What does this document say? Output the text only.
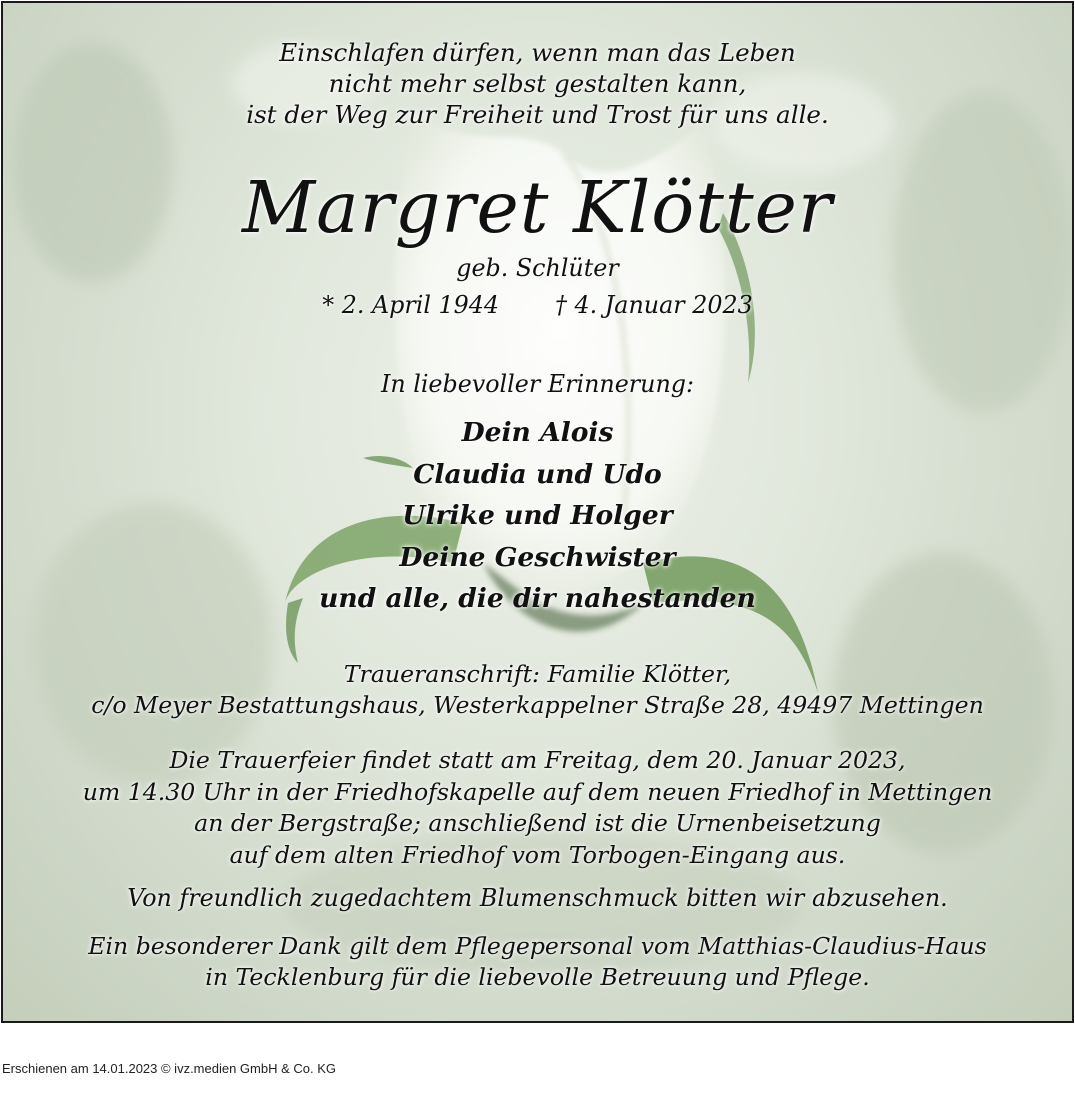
Einschlafen dürfen, wenn man das Leben
nicht mehr selbst gestalten kann,
ist der Weg zur Freiheit und Trost für uns alle.
Margret Klötter
geb. Schlüter
* 2. April 1944 † 4. Januar 2023
In liebevoller Erinnerung:
Dein Alois
Claudia und Udo
Ulrike und Holger
Deine Geschwister
und alle, die dir nahestanden
Traueranschrift: Familie Klötter,
c/o Meyer Bestattungshaus, Westerkappelner Straße 28, 49497 Mettingen
Die Trauerfeier findet statt am Freitag, dem 20. Januar 2023,
um 14.30 Uhr in der Friedhofskapelle auf dem neuen Friedhof in Mettingen
an der Bergstraße; anschließend ist die Urnenbeisetzung
auf dem alten Friedhof vom Torbogen-Eingang aus.
Von freundlich zugedachtem Blumenschmuck bitten wir abzusehen.
Ein besonderer Dank gilt dem Pflegepersonal vom Matthias-Claudius-Haus
in Tecklenburg für die liebevolle Betreuung und Pflege.
Erschienen am 14.01.2023 © ivz.medien GmbH & Co. KG
